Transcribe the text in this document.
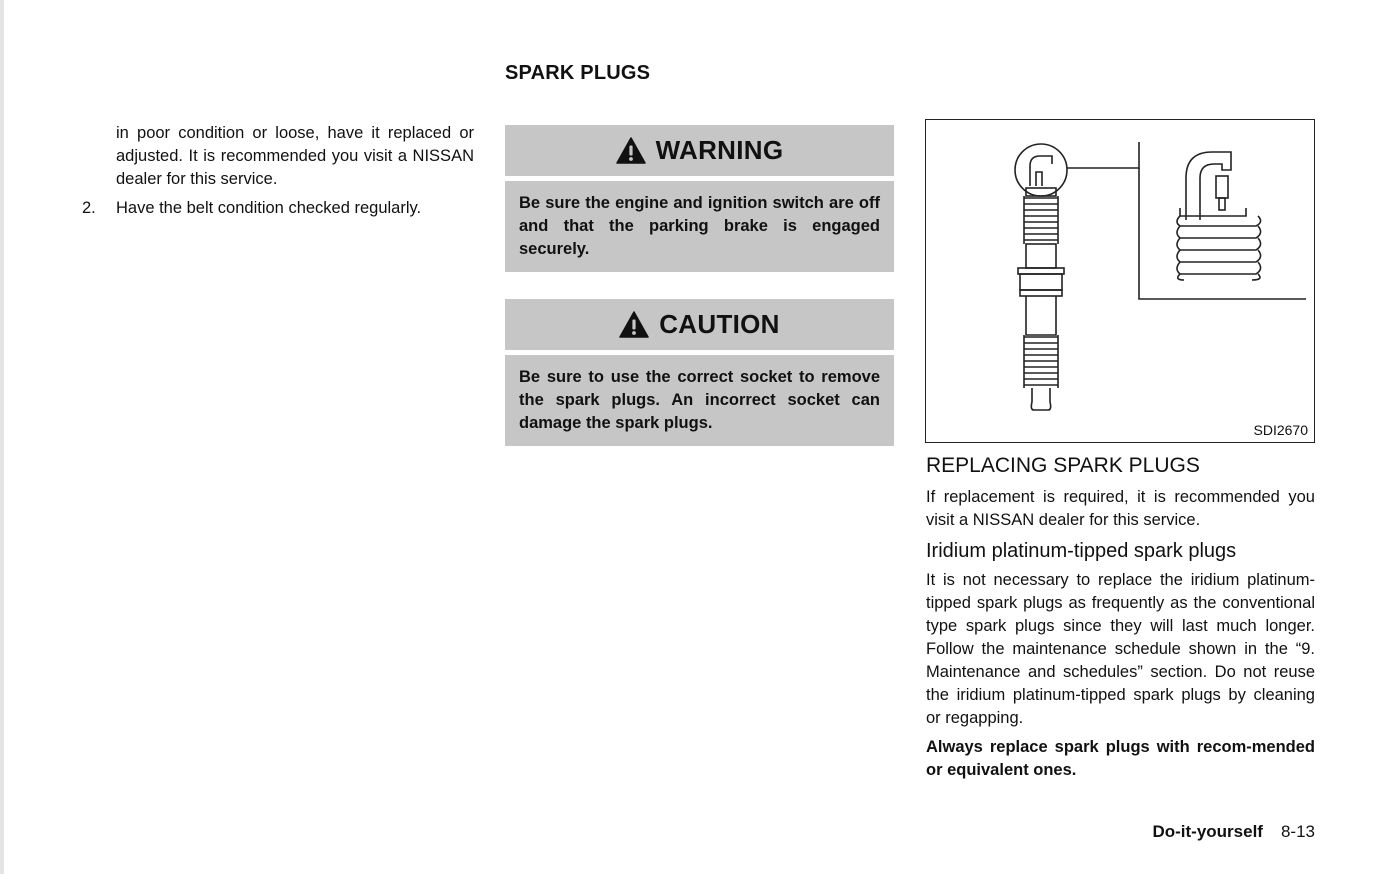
SPARK PLUGS

in poor condition or loose, have it replaced or adjusted. It is recommended you visit a NISSAN dealer for this service.

2.	Have the belt condition checked regularly.
WARNING
Be sure the engine and ignition switch are off and that the parking brake is engaged securely.
CAUTION
Be sure to use the correct socket to remove the spark plugs. An incorrect socket can damage the spark plugs.	SDI2670
REPLACING SPARK PLUGS

If replacement is required, it is recommended you visit a NISSAN dealer for this service.

Iridium platinum-tipped spark plugs

It is not necessary to replace the iridium platinum-tipped spark plugs as frequently as the conventional type spark plugs since they will last much longer. Follow the maintenance schedule shown in the “9. Maintenance and schedules” section. Do not reuse the iridium platinum-tipped spark plugs by cleaning or regapping.

Always replace spark plugs with recom-mended or equivalent ones.

Do-it-yourself 8-13
